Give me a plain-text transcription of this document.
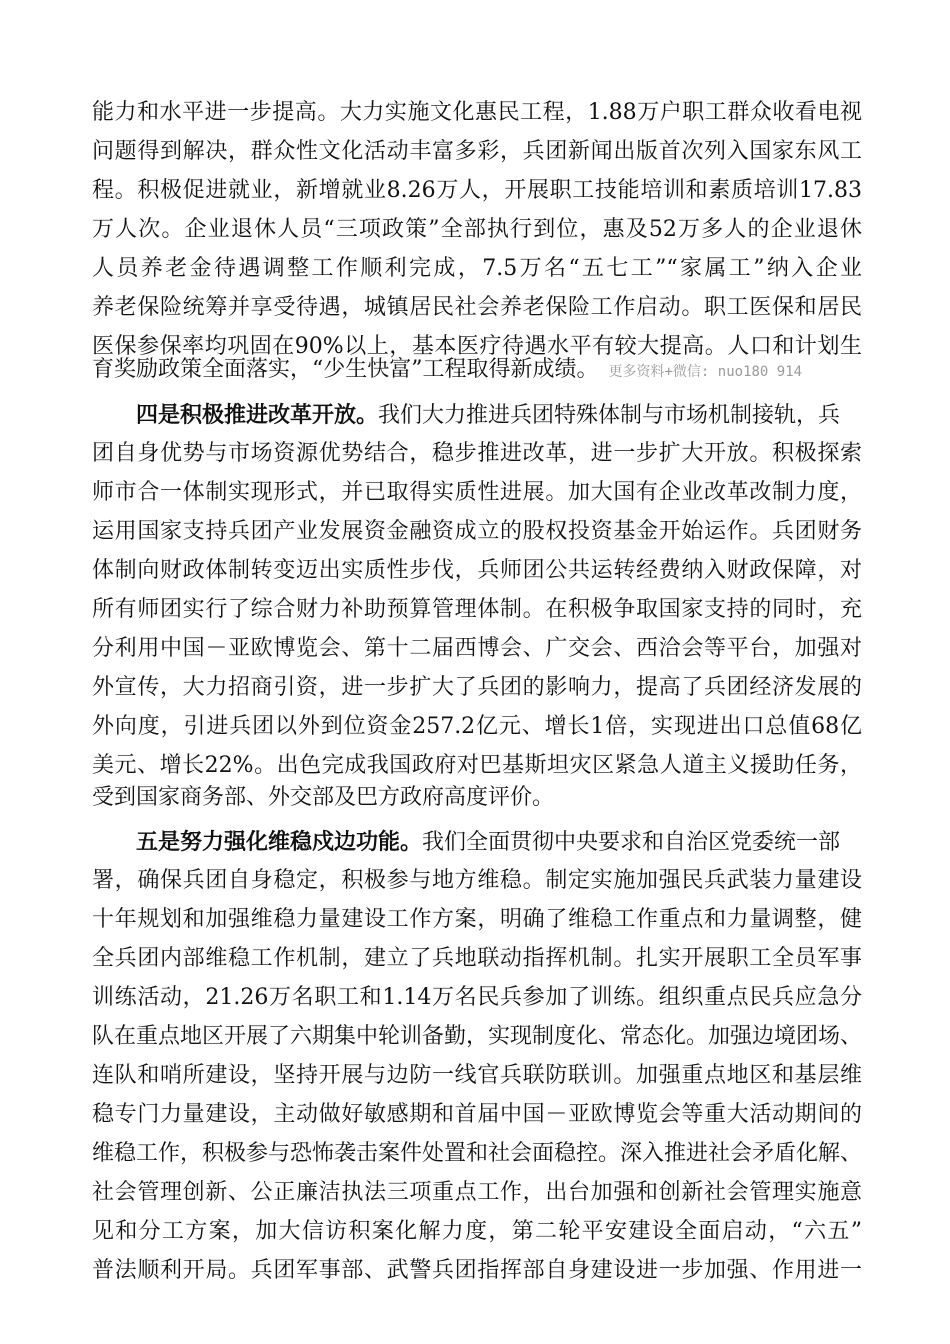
能力和水平进一步提高。大力实施文化惠民工程，1.88万户职工群众收看电视
问题得到解决，群众性文化活动丰富多彩，兵团新闻出版首次列入国家东风工
程。积极促进就业，新增就业8.26万人，开展职工技能培训和素质培训17.83
万人次。企业退休人员“三项政策”全部执行到位，惠及52万多人的企业退休
人员养老金待遇调整工作顺利完成，7.5万名“五七工”“家属工”纳入企业
养老保险统筹并享受待遇，城镇居民社会养老保险工作启动。职工医保和居民
医保参保率均巩固在90%以上，基本医疗待遇水平有较大提高。人口和计划生
育奖励政策全面落实，“少生快富”工程取得新成绩。 更多资料+微信: nuo180 914
四是积极推进改革开放。我们大力推进兵团特殊体制与市场机制接轨，兵
团自身优势与市场资源优势结合，稳步推进改革，进一步扩大开放。积极探索
师市合一体制实现形式，并已取得实质性进展。加大国有企业改革改制力度，
运用国家支持兵团产业发展资金融资成立的股权投资基金开始运作。兵团财务
体制向财政体制转变迈出实质性步伐，兵师团公共运转经费纳入财政保障，对
所有师团实行了综合财力补助预算管理体制。在积极争取国家支持的同时，充
分利用中国－亚欧博览会、第十二届西博会、广交会、西洽会等平台，加强对
外宣传，大力招商引资，进一步扩大了兵团的影响力，提高了兵团经济发展的
外向度，引进兵团以外到位资金257.2亿元、增长1倍，实现进出口总值68亿
美元、增长22%。出色完成我国政府对巴基斯坦灾区紧急人道主义援助任务，
受到国家商务部、外交部及巴方政府高度评价。
五是努力强化维稳戍边功能。我们全面贯彻中央要求和自治区党委统一部
署，确保兵团自身稳定，积极参与地方维稳。制定实施加强民兵武装力量建设
十年规划和加强维稳力量建设工作方案，明确了维稳工作重点和力量调整，健
全兵团内部维稳工作机制，建立了兵地联动指挥机制。扎实开展职工全员军事
训练活动，21.26万名职工和1.14万名民兵参加了训练。组织重点民兵应急分
队在重点地区开展了六期集中轮训备勤，实现制度化、常态化。加强边境团场、
连队和哨所建设，坚持开展与边防一线官兵联防联训。加强重点地区和基层维
稳专门力量建设，主动做好敏感期和首届中国－亚欧博览会等重大活动期间的
维稳工作，积极参与恐怖袭击案件处置和社会面稳控。深入推进社会矛盾化解、
社会管理创新、公正廉洁执法三项重点工作，出台加强和创新社会管理实施意
见和分工方案，加大信访积案化解力度，第二轮平安建设全面启动，“六五”
普法顺利开局。兵团军事部、武警兵团指挥部自身建设进一步加强、作用进一
